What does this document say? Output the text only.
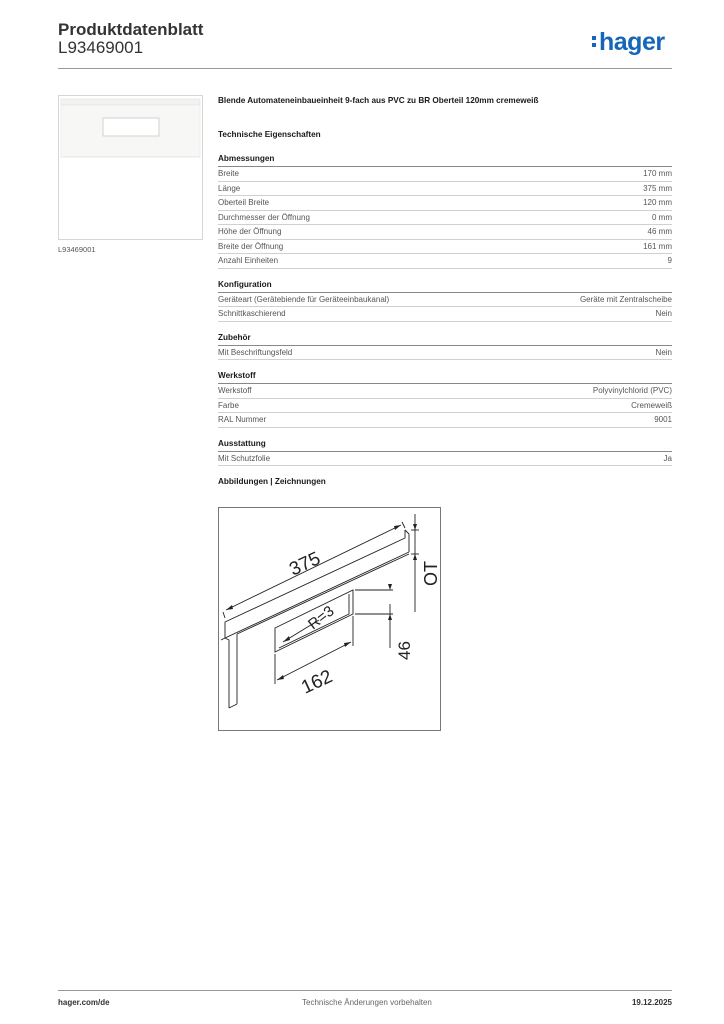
Produktdatenblatt
L93469001	hager
L93469001
Blende Automateneinbaueinheit 9-fach aus PVC zu BR Oberteil 120mm cremeweiß
Technische Eigenschaften
Abmessungen
Breite	170 mm
Länge	375 mm
Oberteil Breite	120 mm
Durchmesser der Öffnung	0 mm
Höhe der Öffnung	46 mm
Breite der Öffnung	161 mm
Anzahl Einheiten	9
Konfiguration
Geräteart (Gerätebiende für Geräteeinbaukanal)	Geräte mit Zentralscheibe
Schnittkaschierend	Nein
Zubehör
Mit Beschriftungsfeld	Nein
Werkstoff
Werkstoff	Polyvinylchlorid (PVC)
Farbe	Cremeweiß
RAL Nummer	9001
Ausstattung
Mit Schutzfolie	Ja
Abbildungen | Zeichnungen
375	OT
R=3
46
162
hager.com/de	Technische Änderungen vorbehalten	19.12.2025
